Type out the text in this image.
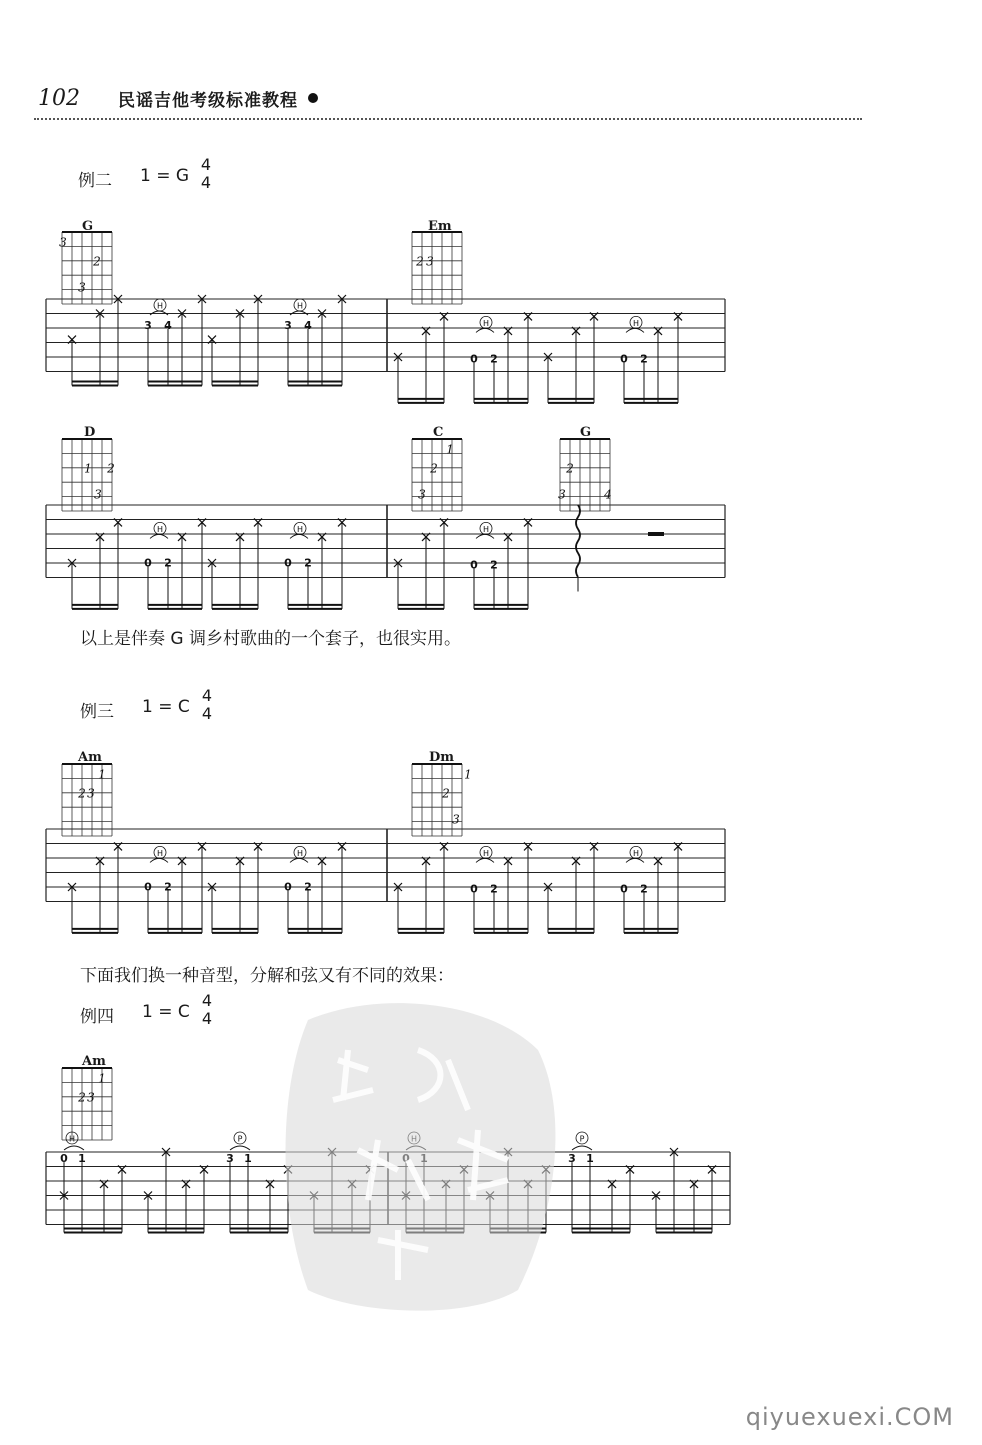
102 民谣吉他考级标准教程
例二 1 = G
4
4
G	Em
3
2
3
2 3
H
3 4
H
3 4	H
0 2
H
0 2
1 2
3
1
2
3
2
3	4
H
0 2
H
0 2
H
0 2
1
2 3
1
2
3
H
0 2
H
0 2
H
0 2
H
0 2
1
2 3
H
0 1
P
3 1
P
3 1
D	C	G
以上是伴奏 G 调乡村歌曲的一个套子，也很实用。
例三 1 = C
4
4
Am	Dm
下面我们换一种音型，分解和弦又有不同的效果：
例四 1 = C
4
4
Am
qiyuexuexi.COM
